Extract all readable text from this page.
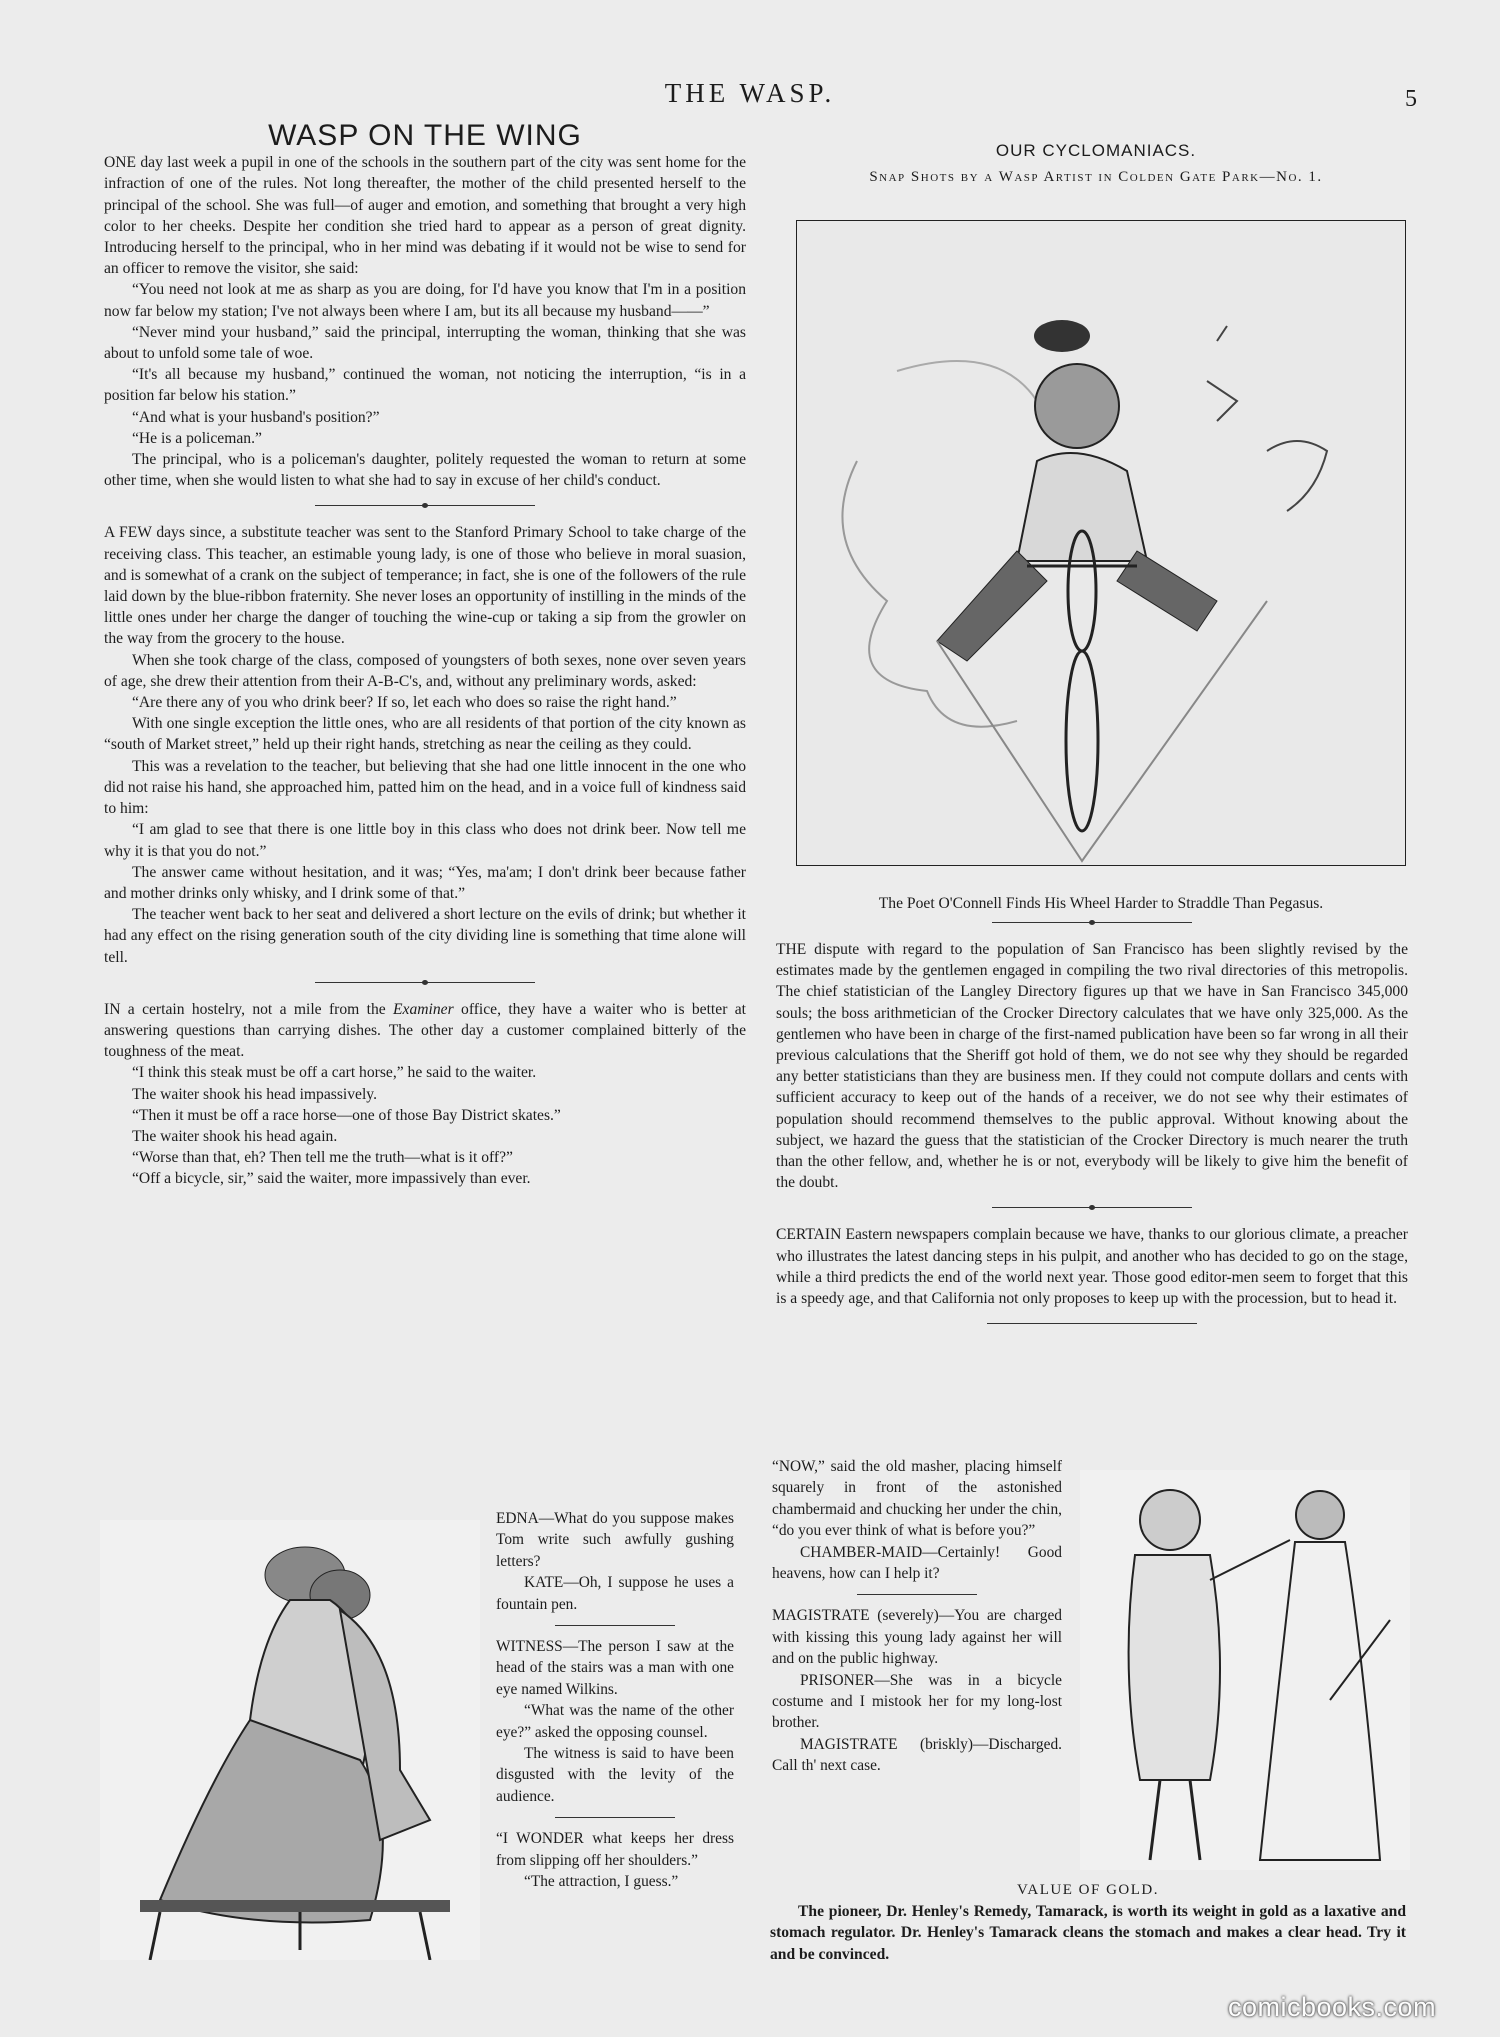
THE WASP.	5
WASP ON THE WING

ONE day last week a pupil in one of the schools in the southern part of the city was sent home for the infraction of one of the rules. Not long thereafter, the mother of the child presented herself to the principal of the school. She was full—of auger and emotion, and something that brought a very high color to her cheeks. Despite her condition she tried hard to appear as a person of great dignity. Introducing herself to the principal, who in her mind was debating if it would not be wise to send for an officer to remove the visitor, she said:

“You need not look at me as sharp as you are doing, for I'd have you know that I'm in a position now far below my station; I've not always been where I am, but its all because my husband——”

“Never mind your husband,” said the principal, interrupting the woman, thinking that she was about to unfold some tale of woe.

“It's all because my husband,” continued the woman, not noticing the interruption, “is in a position far below his station.”

“And what is your husband's position?”

“He is a policeman.”

The principal, who is a policeman's daughter, politely requested the woman to return at some other time, when she would listen to what she had to say in excuse of her child's conduct.

A FEW days since, a substitute teacher was sent to the Stanford Primary School to take charge of the receiving class. This teacher, an estimable young lady, is one of those who believe in moral suasion, and is somewhat of a crank on the subject of temperance; in fact, she is one of the followers of the rule laid down by the blue-ribbon fraternity. She never loses an opportunity of instilling in the minds of the little ones under her charge the danger of touching the wine-cup or taking a sip from the growler on the way from the grocery to the house.

When she took charge of the class, composed of youngsters of both sexes, none over seven years of age, she drew their attention from their A-B-C's, and, without any preliminary words, asked:

“Are there any of you who drink beer? If so, let each who does so raise the right hand.”

With one single exception the little ones, who are all residents of that portion of the city known as “south of Market street,” held up their right hands, stretching as near the ceiling as they could.

This was a revelation to the teacher, but believing that she had one little innocent in the one who did not raise his hand, she approached him, patted him on the head, and in a voice full of kindness said to him:

“I am glad to see that there is one little boy in this class who does not drink beer. Now tell me why it is that you do not.”

The answer came without hesitation, and it was; “Yes, ma'am; I don't drink beer because father and mother drinks only whisky, and I drink some of that.”

The teacher went back to her seat and delivered a short lecture on the evils of drink; but whether it had any effect on the rising generation south of the city dividing line is something that time alone will tell.

IN a certain hostelry, not a mile from the Examiner office, they have a waiter who is better at answering questions than carrying dishes. The other day a customer complained bitterly of the toughness of the meat.

“I think this steak must be off a cart horse,” he said to the waiter.

The waiter shook his head impassively.

“Then it must be off a race horse—one of those Bay District skates.”

The waiter shook his head again.

“Worse than that, eh? Then tell me the truth—what is it off?”

“Off a bicycle, sir,” said the waiter, more impassively than ever.

EDNA—What do you suppose makes Tom write such awfully gushing letters?

KATE—Oh, I suppose he uses a fountain pen.

WITNESS—The person I saw at the head of the stairs was a man with one eye named Wilkins.

“What was the name of the other eye?” asked the opposing counsel.

The witness is said to have been disgusted with the levity of the audience.

“I WONDER what keeps her dress from slipping off her shoulders.”

“The attraction, I guess.”

OUR CYCLOMANIACS.
Snap Shots by a Wasp Artist in Colden Gate Park—No. 1.
The Poet O'Connell Finds His Wheel Harder to Straddle Than Pegasus.

THE dispute with regard to the population of San Francisco has been slightly revised by the estimates made by the gentlemen engaged in compiling the two rival directories of this metropolis. The chief statistician of the Langley Directory figures up that we have in San Francisco 345,000 souls; the boss arithmetician of the Crocker Directory calculates that we have only 325,000. As the gentlemen who have been in charge of the first-named publication have been so far wrong in all their previous calculations that the Sheriff got hold of them, we do not see why they should be regarded any better statisticians than they are business men. If they could not compute dollars and cents with sufficient accuracy to keep out of the hands of a receiver, we do not see why their estimates of population should recommend themselves to the public approval. Without knowing about the subject, we hazard the guess that the statistician of the Crocker Directory is much nearer the truth than the other fellow, and, whether he is or not, everybody will be likely to give him the benefit of the doubt.

CERTAIN Eastern newspapers complain because we have, thanks to our glorious climate, a preacher who illustrates the latest dancing steps in his pulpit, and another who has decided to go on the stage, while a third predicts the end of the world next year. Those good editor-men seem to forget that this is a speedy age, and that California not only proposes to keep up with the procession, but to head it.

“NOW,” said the old masher, placing himself squarely in front of the astonished chambermaid and chucking her under the chin, “do you ever think of what is before you?”

CHAMBER-MAID—Certainly! Good heavens, how can I help it?

MAGISTRATE (severely)—You are charged with kissing this young lady against her will and on the public highway.

PRISONER—She was in a bicycle costume and I mistook her for my long-lost brother.

MAGISTRATE (briskly)—Discharged. Call th' next case.

VALUE OF GOLD.

The pioneer, Dr. Henley's Remedy, Tamarack, is worth its weight in gold as a laxative and stomach regulator. Dr. Henley's Tamarack cleans the stomach and makes a clear head. Try it and be convinced.

comicbooks.com
